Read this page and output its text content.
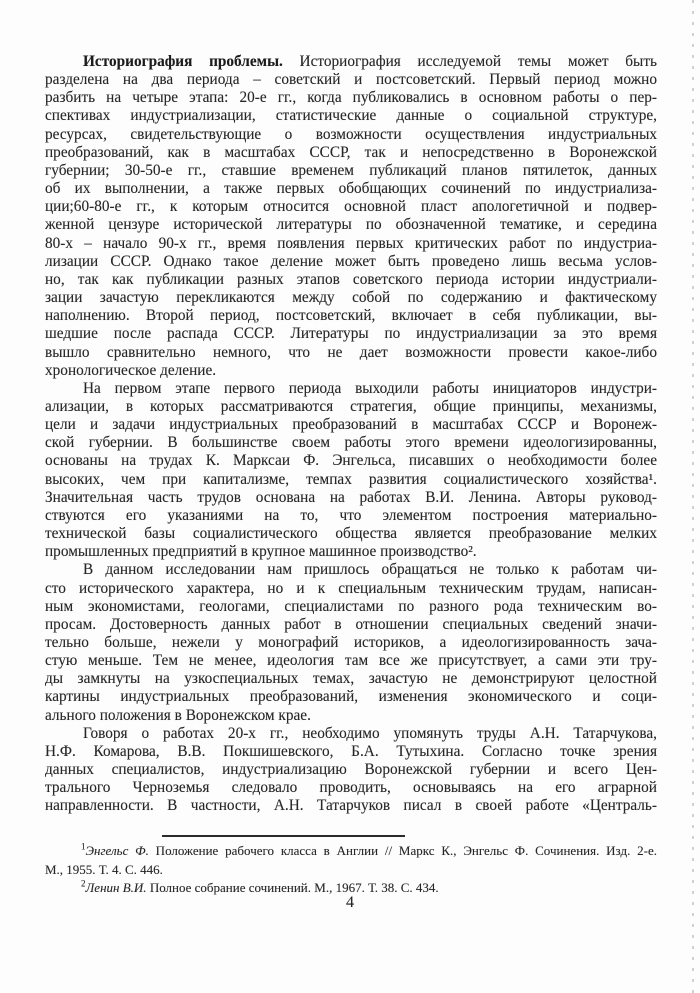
Историография проблемы. Историография исследуемой темы может быть
разделена на два периода – советский и постсоветский. Первый период можно
разбить на четыре этапа: 20-е гг., когда публиковались в основном работы о пер-
спективах индустриализации, статистические данные о социальной структуре,
ресурсах, свидетельствующие о возможности осуществления индустриальных
преобразований, как в масштабах СССР, так и непосредственно в Воронежской
губернии; 30-50-е гг., ставшие временем публикаций планов пятилеток, данных
об их выполнении, а также первых обобщающих сочинений по индустриализа-
ции;60-80-е гг., к которым относится основной пласт апологетичной и подвер-
женной цензуре исторической литературы по обозначенной тематике, и середина
80-х – начало 90-х гг., время появления первых критических работ по индустриа-
лизации СССР. Однако такое деление может быть проведено лишь весьма услов-
но, так как публикации разных этапов советского периода истории индустриали-
зации зачастую перекликаются между собой по содержанию и фактическому
наполнению. Второй период, постсоветский, включает в себя публикации, вы-
шедшие после распада СССР. Литературы по индустриализации за это время
вышло сравнительно немного, что не дает возможности провести какое-либо
хронологическое деление.
На первом этапе первого периода выходили работы инициаторов индустри-
ализации, в которых рассматриваются стратегия, общие принципы, механизмы,
цели и задачи индустриальных преобразований в масштабах СССР и Воронеж-
ской губернии. В большинстве своем работы этого времени идеологизированны,
основаны на трудах К. Марксаи Ф. Энгельса, писавших о необходимости более
высоких, чем при капитализме, темпах развития социалистического хозяйства¹.
Значительная часть трудов основана на работах В.И. Ленина. Авторы руковод-
ствуются его указаниями на то, что элементом построения материально-
технической базы социалистического общества является преобразование мелких
промышленных предприятий в крупное машинное производство².
В данном исследовании нам пришлось обращаться не только к работам чи-
сто исторического характера, но и к специальным техническим трудам, написан-
ным экономистами, геологами, специалистами по разного рода техническим во-
просам. Достоверность данных работ в отношении специальных сведений значи-
тельно больше, нежели у монографий историков, а идеологизированность зача-
стую меньше. Тем не менее, идеология там все же присутствует, а сами эти тру-
ды замкнуты на узкоспециальных темах, зачастую не демонстрируют целостной
картины индустриальных преобразований, изменения экономического и соци-
ального положения в Воронежском крае.
Говоря о работах 20-х гг., необходимо упомянуть труды А.Н. Татарчукова,
Н.Ф. Комарова, В.В. Покшишевского, Б.А. Тутыхина. Согласно точке зрения
данных специалистов, индустриализацию Воронежской губернии и всего Цен-
трального Черноземья следовало проводить, основываясь на его аграрной
направленности. В частности, А.Н. Татарчуков писал в своей работе «Централь-
$^1$Энгельс Ф. Положение рабочего класса в Англии // Маркс К., Энгельс Ф. Сочинения. Изд. 2-е.
М., 1955. Т. 4. С. 446.
$^2$Ленин В.И. Полное собрание сочинений. М., 1967. Т. 38. С. 434.
4
